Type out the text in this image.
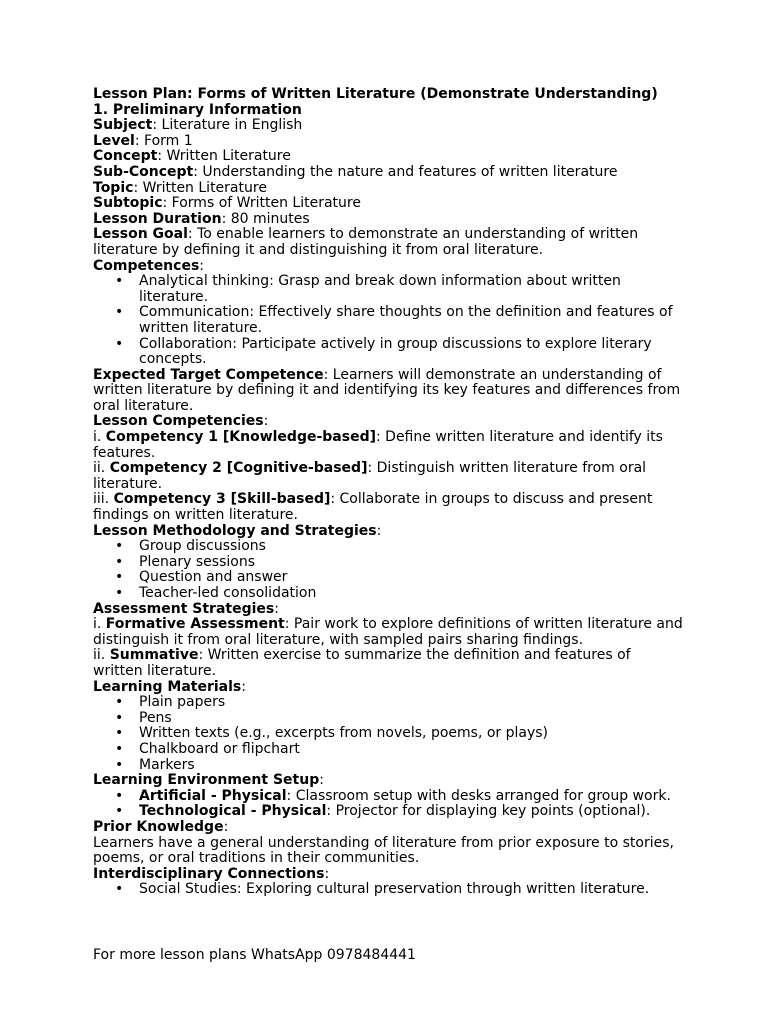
Lesson Plan: Forms of Written Literature (Demonstrate Understanding)

1. Preliminary Information

Subject: Literature in English

Level: Form 1

Concept: Written Literature

Sub-Concept: Understanding the nature and features of written literature

Topic: Written Literature

Subtopic: Forms of Written Literature

Lesson Duration: 80 minutes

Lesson Goal: To enable learners to demonstrate an understanding of written literature by defining it and distinguishing it from oral literature.

Competences:

• Analytical thinking: Grasp and break down information about written literature.
• Communication: Effectively share thoughts on the definition and features of written literature.
• Collaboration: Participate actively in group discussions to explore literary concepts.

Expected Target Competence: Learners will demonstrate an understanding of written literature by defining it and identifying its key features and differences from oral literature.

Lesson Competencies:

i. Competency 1 [Knowledge-based]: Define written literature and identify its features.

ii. Competency 2 [Cognitive-based]: Distinguish written literature from oral literature.

iii. Competency 3 [Skill-based]: Collaborate in groups to discuss and present findings on written literature.

Lesson Methodology and Strategies:

• Group discussions
• Plenary sessions
• Question and answer
• Teacher-led consolidation

Assessment Strategies:

i. Formative Assessment: Pair work to explore definitions of written literature and distinguish it from oral literature, with sampled pairs sharing findings.

ii. Summative: Written exercise to summarize the definition and features of written literature.

Learning Materials:

• Plain papers
• Pens
• Written texts (e.g., excerpts from novels, poems, or plays)
• Chalkboard or flipchart
• Markers

Learning Environment Setup:

• Artificial - Physical: Classroom setup with desks arranged for group work.
• Technological - Physical: Projector for displaying key points (optional).

Prior Knowledge:

Learners have a general understanding of literature from prior exposure to stories, poems, or oral traditions in their communities.

Interdisciplinary Connections:

• Social Studies: Exploring cultural preservation through written literature.

For more lesson plans WhatsApp 0978484441
